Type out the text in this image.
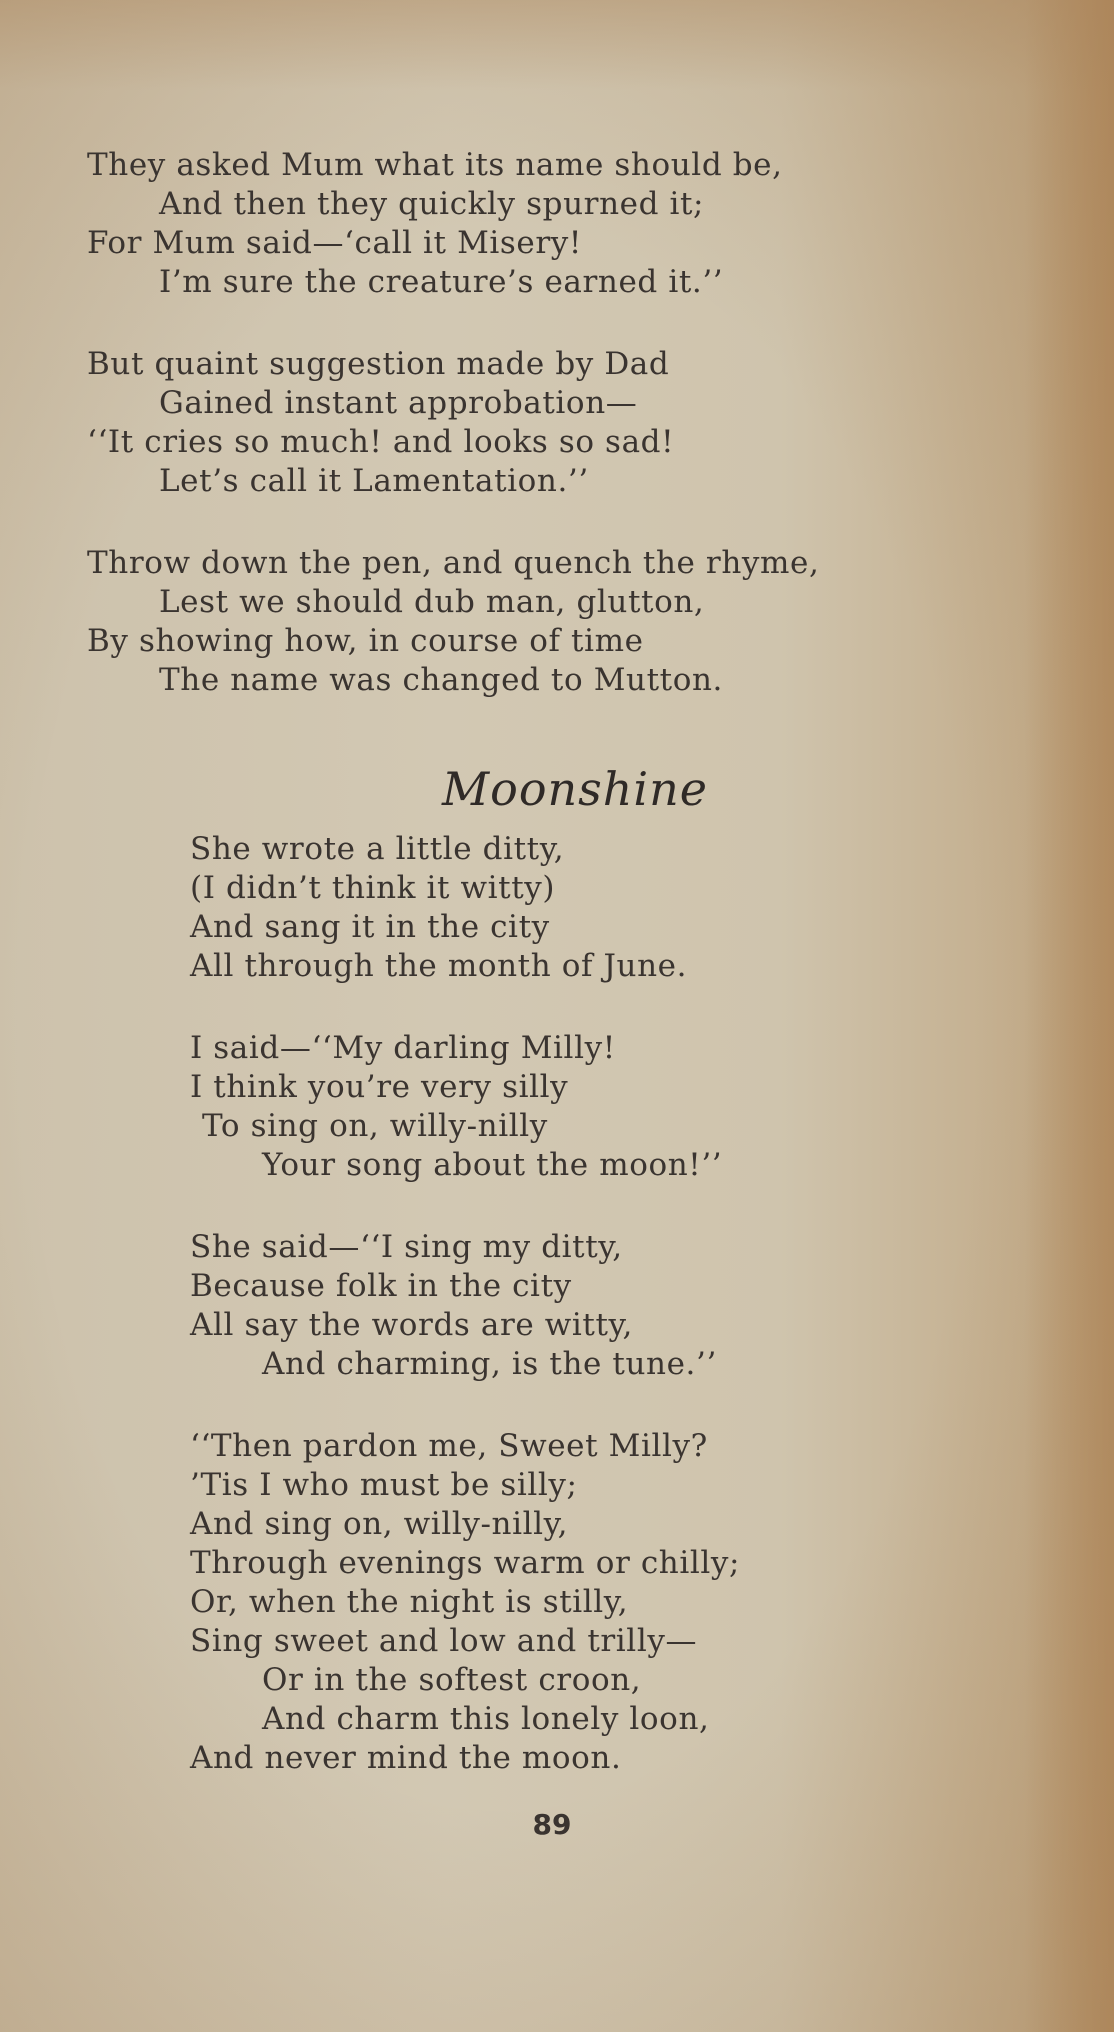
They asked Mum what its name should be,
And then they quickly spurned it;
For Mum said—‘call it Misery!
I’m sure the creature’s earned it.’’
But quaint suggestion made by Dad
Gained instant approbation—
‘‘It cries so much! and looks so sad!
Let’s call it Lamentation.’’
Throw down the pen, and quench the rhyme,
Lest we should dub man, glutton,
By showing how, in course of time
The name was changed to Mutton.
Moonshine
She wrote a little ditty,
(I didn’t think it witty)
And sang it in the city
All through the month of June.
I said—‘‘My darling Milly!
I think you’re very silly
To sing on, willy-nilly
Your song about the moon!’’
She said—‘‘I sing my ditty,
Because folk in the city
All say the words are witty,
And charming, is the tune.’’
‘‘Then pardon me, Sweet Milly?
’Tis I who must be silly;
And sing on, willy-nilly,
Through evenings warm or chilly;
Or, when the night is stilly,
Sing sweet and low and trilly—
Or in the softest croon,
And charm this lonely loon,
And never mind the moon.
89
